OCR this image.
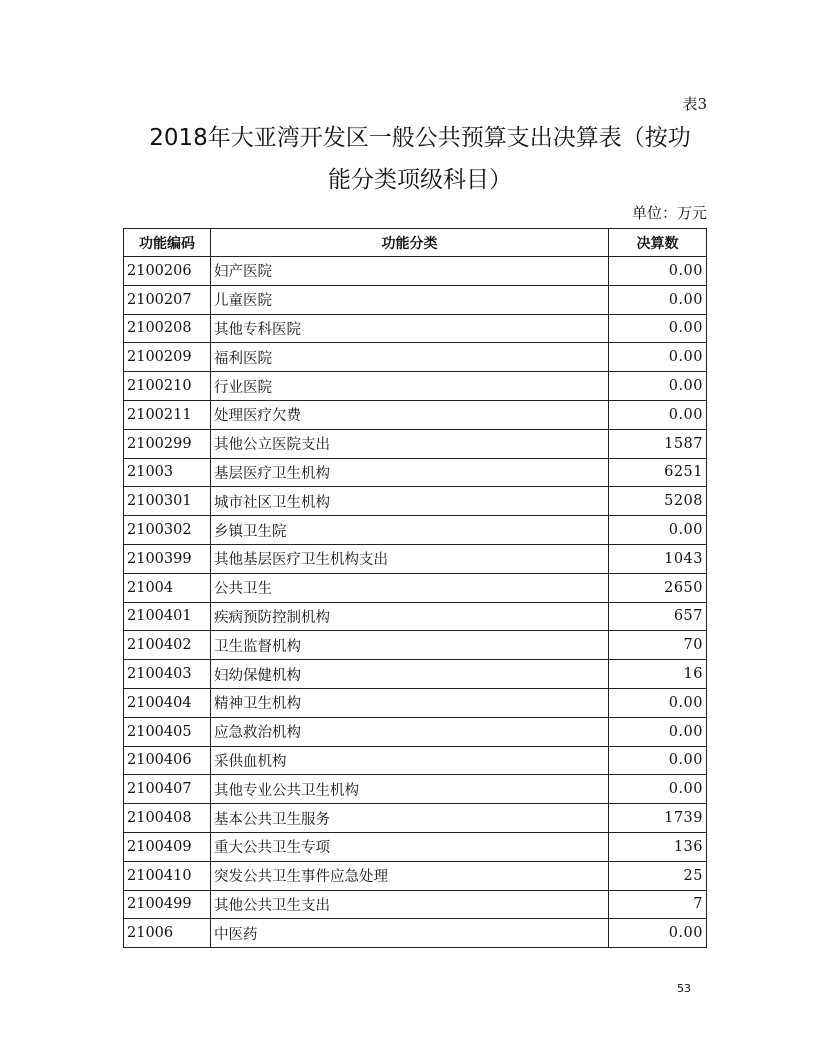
表3
2018年大亚湾开发区一般公共预算支出决算表（按功
能分类项级科目）
单位：万元
功能编码	功能分类	决算数
2100206	妇产医院	0.00
2100207	儿童医院	0.00
2100208	其他专科医院	0.00
2100209	福利医院	0.00
2100210	行业医院	0.00
2100211	处理医疗欠费	0.00
2100299	其他公立医院支出	1587
21003	基层医疗卫生机构	6251
2100301	城市社区卫生机构	5208
2100302	乡镇卫生院	0.00
2100399	其他基层医疗卫生机构支出	1043
21004	公共卫生	2650
2100401	疾病预防控制机构	657
2100402	卫生监督机构	70
2100403	妇幼保健机构	16
2100404	精神卫生机构	0.00
2100405	应急救治机构	0.00
2100406	采供血机构	0.00
2100407	其他专业公共卫生机构	0.00
2100408	基本公共卫生服务	1739
2100409	重大公共卫生专项	136
2100410	突发公共卫生事件应急处理	25
2100499	其他公共卫生支出	7
21006	中医药	0.00
53
